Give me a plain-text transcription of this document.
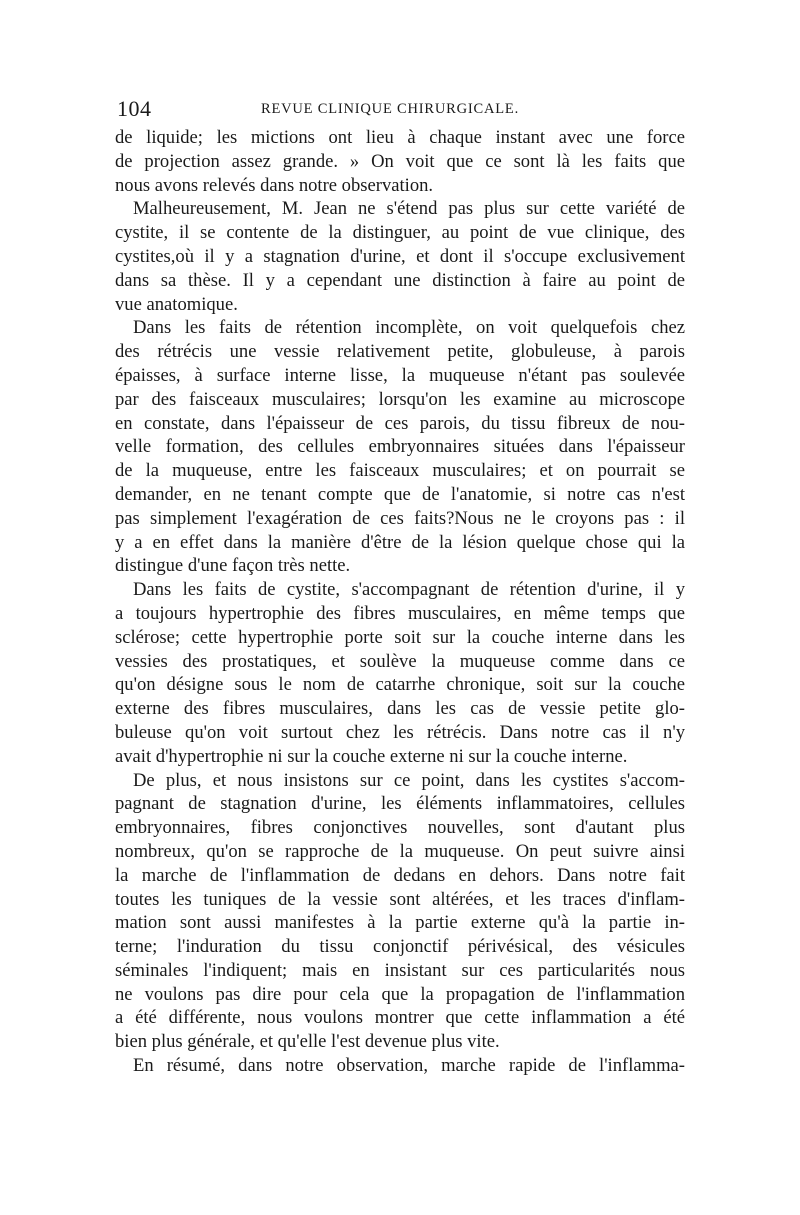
104	REVUE CLINIQUE CHIRURGICALE.
de liquide; les mictions ont lieu à chaque instant avec une force
de projection assez grande. » On voit que ce sont là les faits que
nous avons relevés dans notre observation.
Malheureusement, M. Jean ne s'étend pas plus sur cette variété de
cystite, il se contente de la distinguer, au point de vue clinique, des
cystites,où il y a stagnation d'urine, et dont il s'occupe exclusivement
dans sa thèse. Il y a cependant une distinction à faire au point de
vue anatomique.
Dans les faits de rétention incomplète, on voit quelquefois chez
des rétrécis une vessie relativement petite, globuleuse, à parois
épaisses, à surface interne lisse, la muqueuse n'étant pas soulevée
par des faisceaux musculaires; lorsqu'on les examine au microscope
en constate, dans l'épaisseur de ces parois, du tissu fibreux de nou-
velle formation, des cellules embryonnaires situées dans l'épaisseur
de la muqueuse, entre les faisceaux musculaires; et on pourrait se
demander, en ne tenant compte que de l'anatomie, si notre cas n'est
pas simplement l'exagération de ces faits?Nous ne le croyons pas : il
y a en effet dans la manière d'être de la lésion quelque chose qui la
distingue d'une façon très nette.
Dans les faits de cystite, s'accompagnant de rétention d'urine, il y
a toujours hypertrophie des fibres musculaires, en même temps que
sclérose; cette hypertrophie porte soit sur la couche interne dans les
vessies des prostatiques, et soulève la muqueuse comme dans ce
qu'on désigne sous le nom de catarrhe chronique, soit sur la couche
externe des fibres musculaires, dans les cas de vessie petite glo-
buleuse qu'on voit surtout chez les rétrécis. Dans notre cas il n'y
avait d'hypertrophie ni sur la couche externe ni sur la couche interne.
De plus, et nous insistons sur ce point, dans les cystites s'accom-
pagnant de stagnation d'urine, les éléments inflammatoires, cellules
embryonnaires, fibres conjonctives nouvelles, sont d'autant plus
nombreux, qu'on se rapproche de la muqueuse. On peut suivre ainsi
la marche de l'inflammation de dedans en dehors. Dans notre fait
toutes les tuniques de la vessie sont altérées, et les traces d'inflam-
mation sont aussi manifestes à la partie externe qu'à la partie in-
terne; l'induration du tissu conjonctif périvésical, des vésicules
séminales l'indiquent; mais en insistant sur ces particularités nous
ne voulons pas dire pour cela que la propagation de l'inflammation
a été différente, nous voulons montrer que cette inflammation a été
bien plus générale, et qu'elle l'est devenue plus vite.
En résumé, dans notre observation, marche rapide de l'inflamma-
